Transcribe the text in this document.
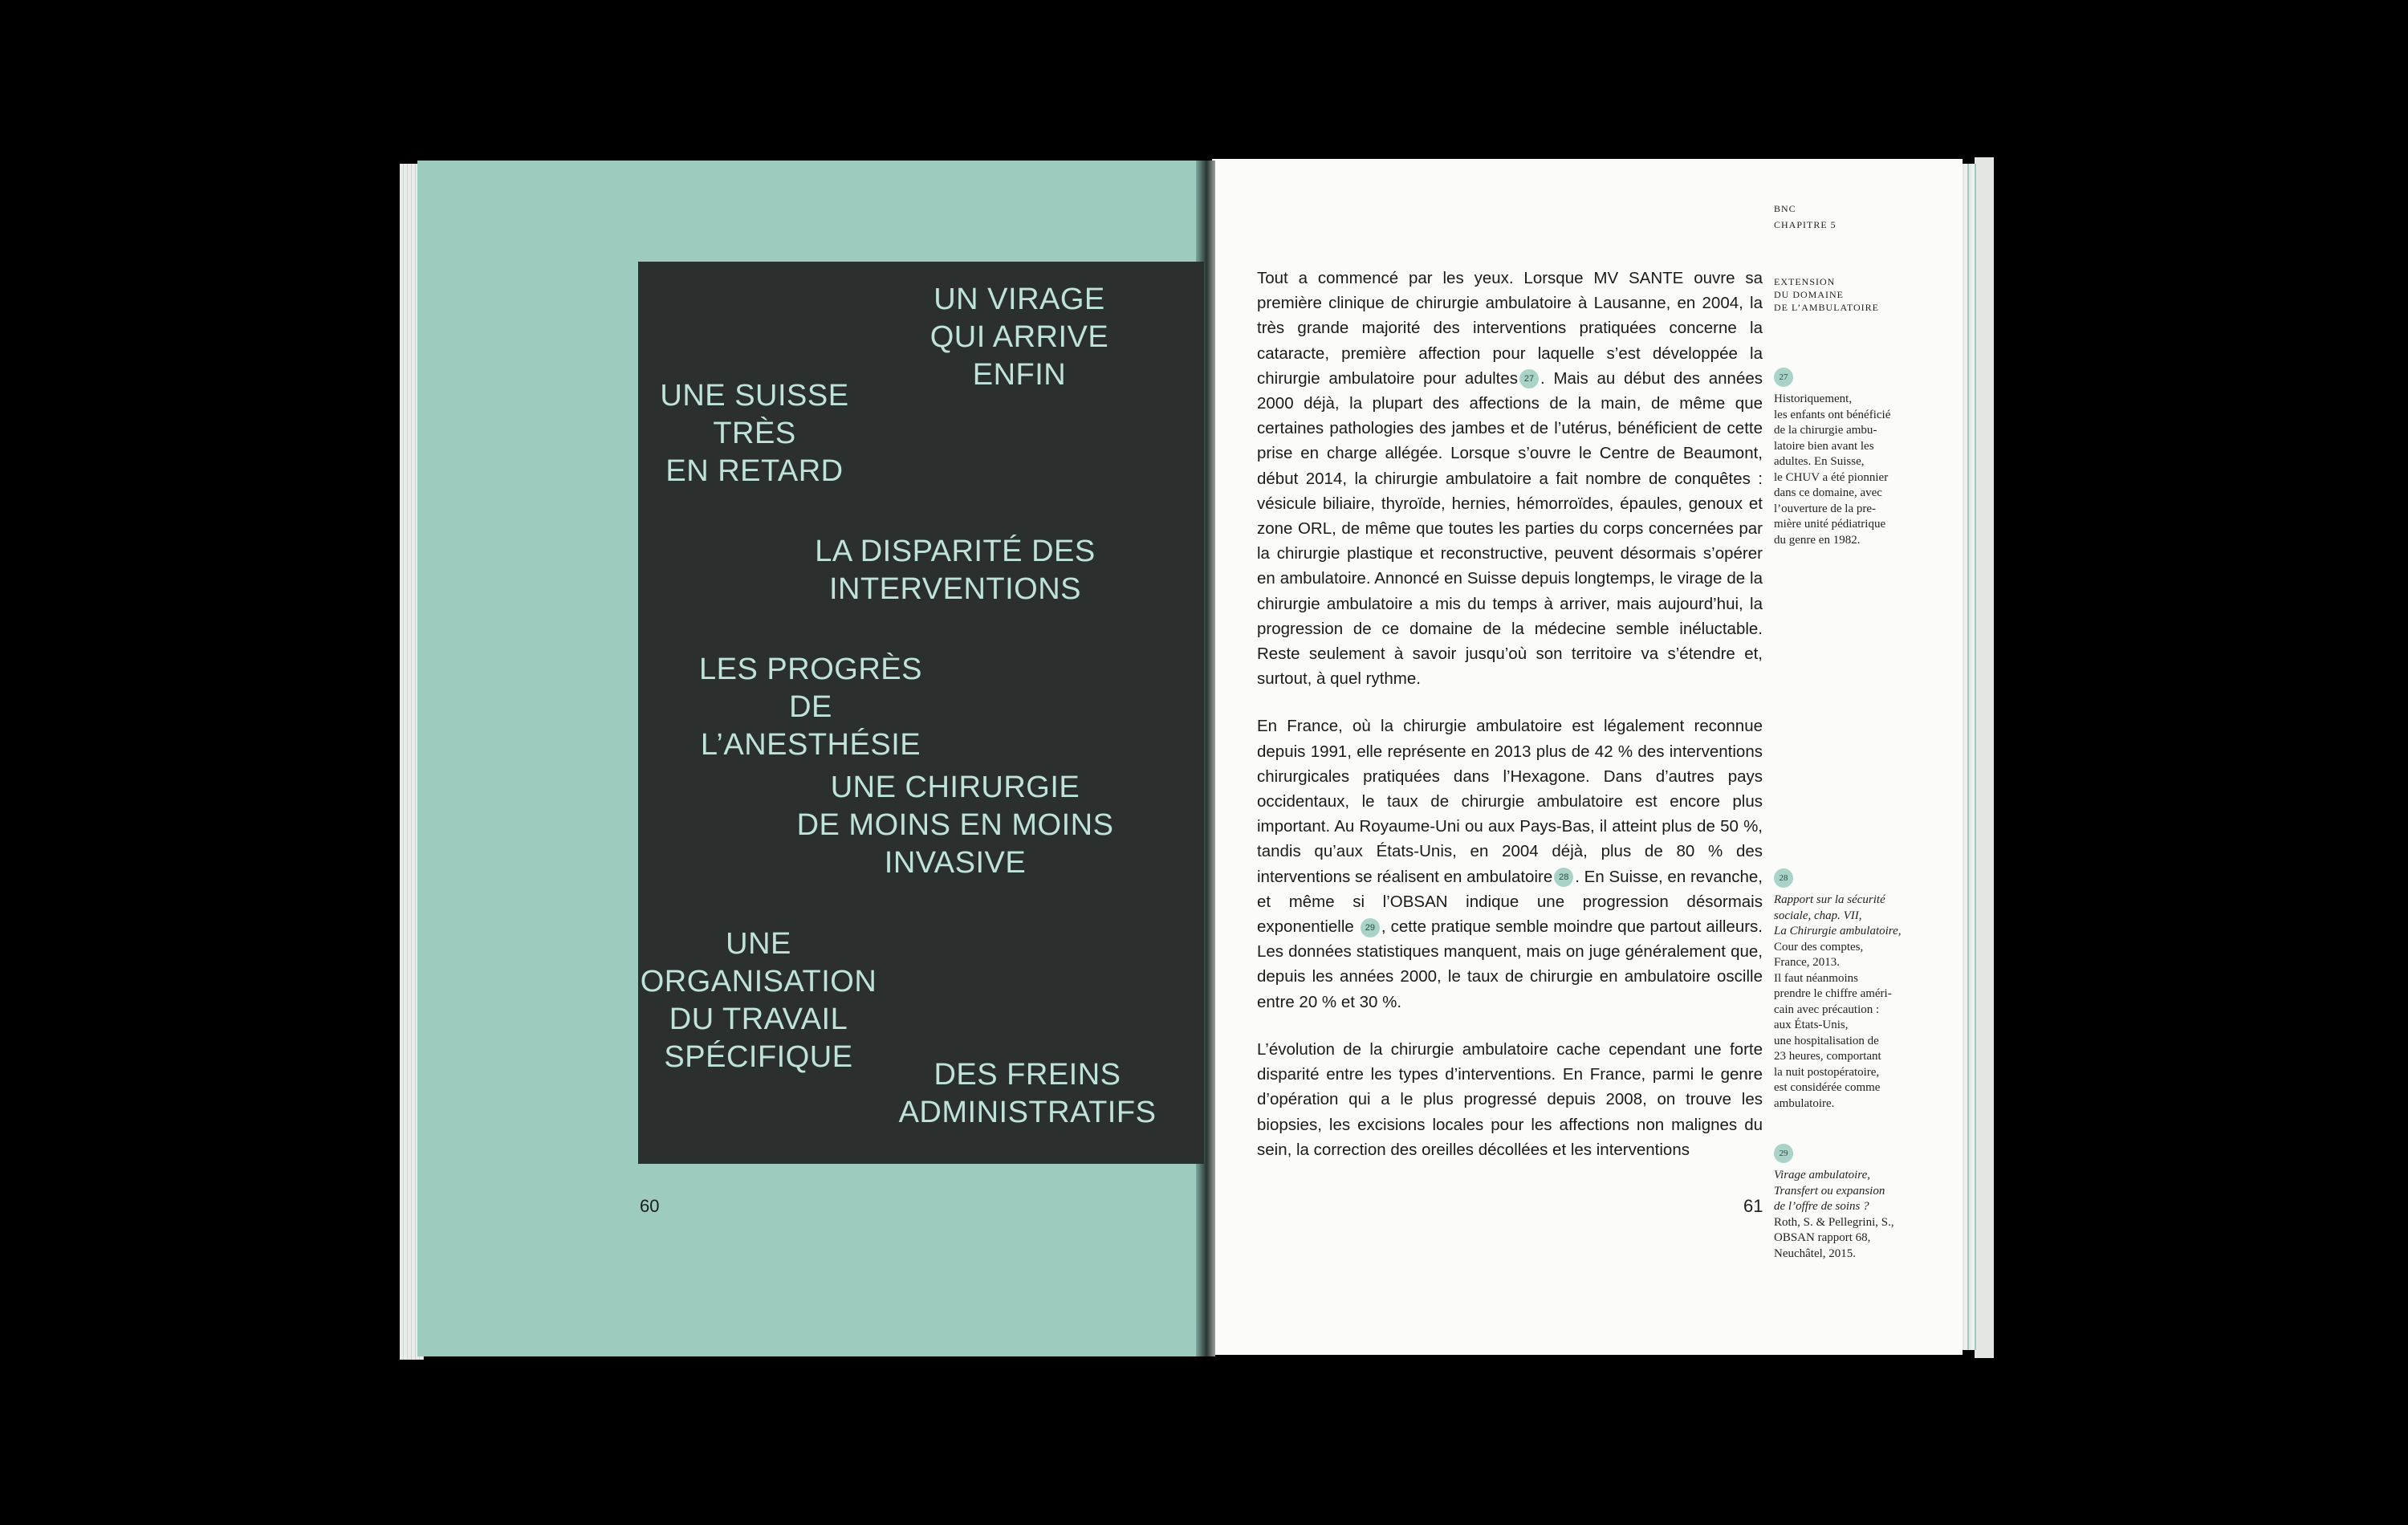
UN VIRAGE
QUI ARRIVE
ENFIN
UNE SUISSE
TRÈS
EN RETARD
LA DISPARITÉ DES
INTERVENTIONS
LES PROGRÈS
DE L’ANESTHÉSIE
UNE CHIRURGIE
DE MOINS EN MOINS
INVASIVE
UNE
ORGANISATION
DU TRAVAIL
SPÉCIFIQUE
DES FREINS
ADMINISTRATIFS
60
BNC
CHAPITRE 5
EXTENSION
DU DOMAINE
DE L’AMBULATOIRE

Tout a commencé par les yeux. Lorsque MV SANTE ouvre sa première clinique de chirurgie ambulatoire à Lausanne, en 2004, la très grande majorité des interventions pratiquées concerne la cataracte, première affection pour laquelle s’est développée la chirurgie ambulatoire pour adultes 27 . Mais au début des années 2000 déjà, la plupart des affections de la main, de même que certaines pathologies des jambes et de l’utérus, bénéficient de cette prise en charge allégée. Lorsque s’ouvre le Centre de Beaumont, début 2014, la chirurgie ambulatoire a fait nombre de conquêtes : vésicule biliaire, thyroïde, hernies, hémorroïdes, épaules, genoux et zone ORL, de même que toutes les parties du corps concernées par la chirurgie plastique et reconstructive, peuvent désormais s’opérer en ambulatoire. Annoncé en Suisse depuis longtemps, le virage de la chirurgie ambulatoire a mis du temps à arriver, mais aujourd’hui, la progression de ce domaine de la médecine semble inéluctable. Reste seulement à savoir jusqu’où son territoire va s’étendre et, surtout, à quel rythme.

En France, où la chirurgie ambulatoire est légalement reconnue depuis 1991, elle représente en 2013 plus de 42 % des interventions chirurgicales pratiquées dans l’Hexagone. Dans d’autres pays occidentaux, le taux de chirurgie ambulatoire est encore plus important. Au Royaume-Uni ou aux Pays-Bas, il atteint plus de 50 %, tandis qu’aux États-Unis, en 2004 déjà, plus de 80 % des interventions se réalisent en ambulatoire 28 . En Suisse, en revanche, et même si l’OBSAN indique une progression désormais exponentielle 29 , cette pratique semble moindre que partout ailleurs. Les données statistiques manquent, mais on juge généralement que, depuis les années 2000, le taux de chirurgie en ambulatoire oscille entre 20 % et 30 %.

L’évolution de la chirurgie ambulatoire cache cependant une forte disparité entre les types d’interventions. En France, parmi le genre d’opération qui a le plus progressé depuis 2008, on trouve les biopsies, les excisions locales pour les affections non malignes du sein, la correction des oreilles décollées et les interventions

27
Historiquement,
les enfants ont bénéficié
de la chirurgie ambu-
latoire bien avant les
adultes. En Suisse,
le CHUV a été pionnier
dans ce domaine, avec
l’ouverture de la pre-
mière unité pédiatrique
du genre en 1982.
28
Rapport sur la sécurité
sociale, chap. VII,
La Chirurgie ambulatoire,
Cour des comptes,
France, 2013.
Il faut néanmoins
prendre le chiffre améri-
cain avec précaution :
aux États-Unis,
une hospitalisation de
23 heures, comportant
la nuit postopératoire,
est considérée comme
ambulatoire.
29
Virage ambulatoire,
Transfert ou expansion
de l’offre de soins ?
Roth, S. & Pellegrini, S.,
OBSAN rapport 68,
Neuchâtel, 2015.
61
